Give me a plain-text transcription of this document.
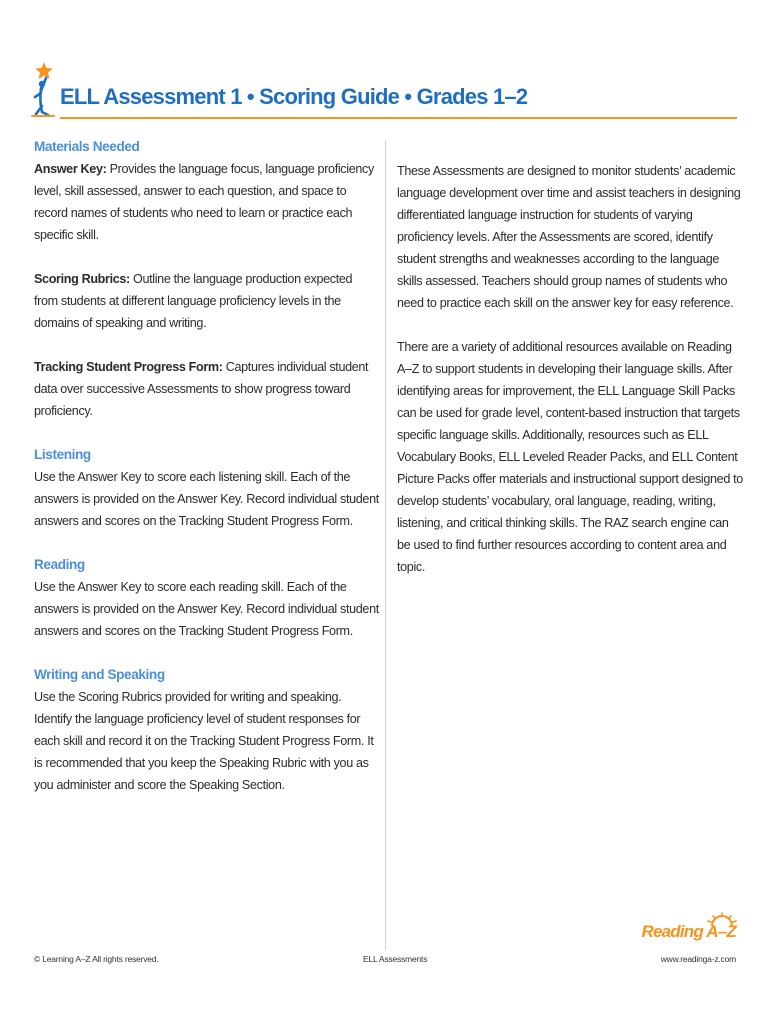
ELL Assessment 1 • Scoring Guide • Grades 1–2
Materials Needed

Answer Key: Provides the language focus, language proficiency level, skill assessed, answer to each question, and space to record names of students who need to learn or practice each specific skill.

Scoring Rubrics: Outline the language production expected from students at different language proficiency levels in the domains of speaking and writing.

Tracking Student Progress Form: Captures individual student data over successive Assessments to show progress toward proficiency.

Listening

Use the Answer Key to score each listening skill. Each of the answers is provided on the Answer Key. Record individual student answers and scores on the Tracking Student Progress Form.

Reading

Use the Answer Key to score each reading skill. Each of the answers is provided on the Answer Key. Record individual student answers and scores on the Tracking Student Progress Form.

Writing and Speaking

Use the Scoring Rubrics provided for writing and speaking. Identify the language proficiency level of student responses for each skill and record it on the Tracking Student Progress Form. It is recommended that you keep the Speaking Rubric with you as you administer and score the Speaking Section.

These Assessments are designed to monitor students’ academic language development over time and assist teachers in designing differentiated language instruction for students of varying proficiency levels. After the Assessments are scored, identify student strengths and weaknesses according to the language skills assessed. Teachers should group names of students who need to practice each skill on the answer key for easy reference.

There are a variety of additional resources available on Reading A–Z to support students in developing their language skills. After identifying areas for improvement, the ELL Language Skill Packs can be used for grade level, content-based instruction that targets specific language skills. Additionally, resources such as ELL Vocabulary Books, ELL Leveled Reader Packs, and ELL Content Picture Packs offer materials and instructional support designed to develop students’ vocabulary, oral language, reading, writing, listening, and critical thinking skills. The RAZ search engine can be used to find further resources according to content area and topic.

© Learning A–Z All rights reserved.	ELL Assessments
Reading A–Z
www.readinga-z.com
